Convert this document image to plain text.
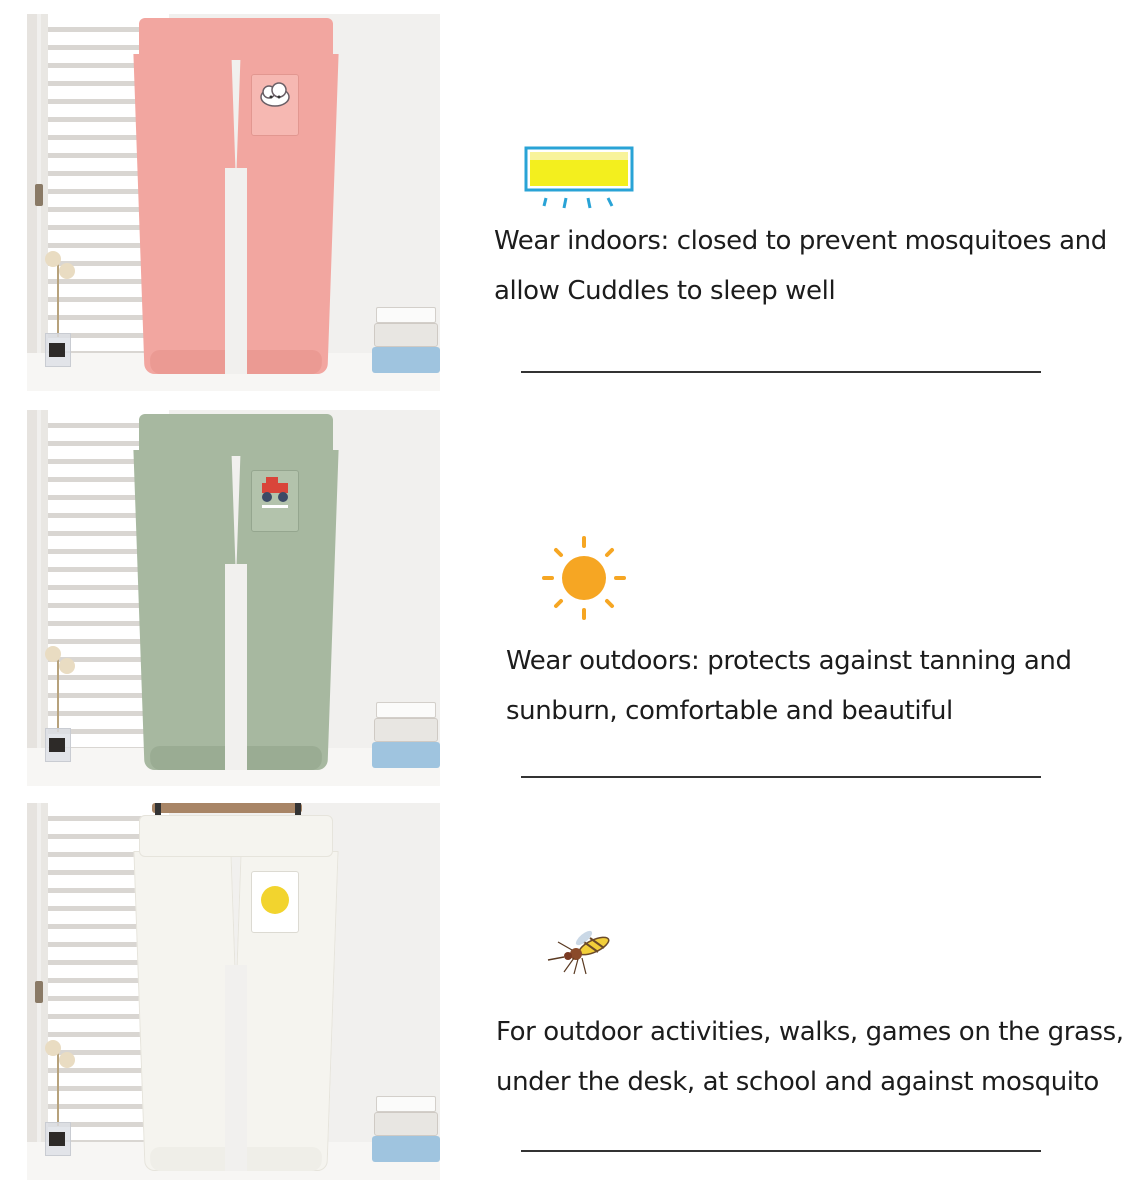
Wear indoors: closed to prevent mosquitoes and
allow Cuddles to sleep well

Wear outdoors: protects against tanning and
sunburn, comfortable and beautiful

For outdoor activities, walks, games on the grass,
under the desk, at school and against mosquito
